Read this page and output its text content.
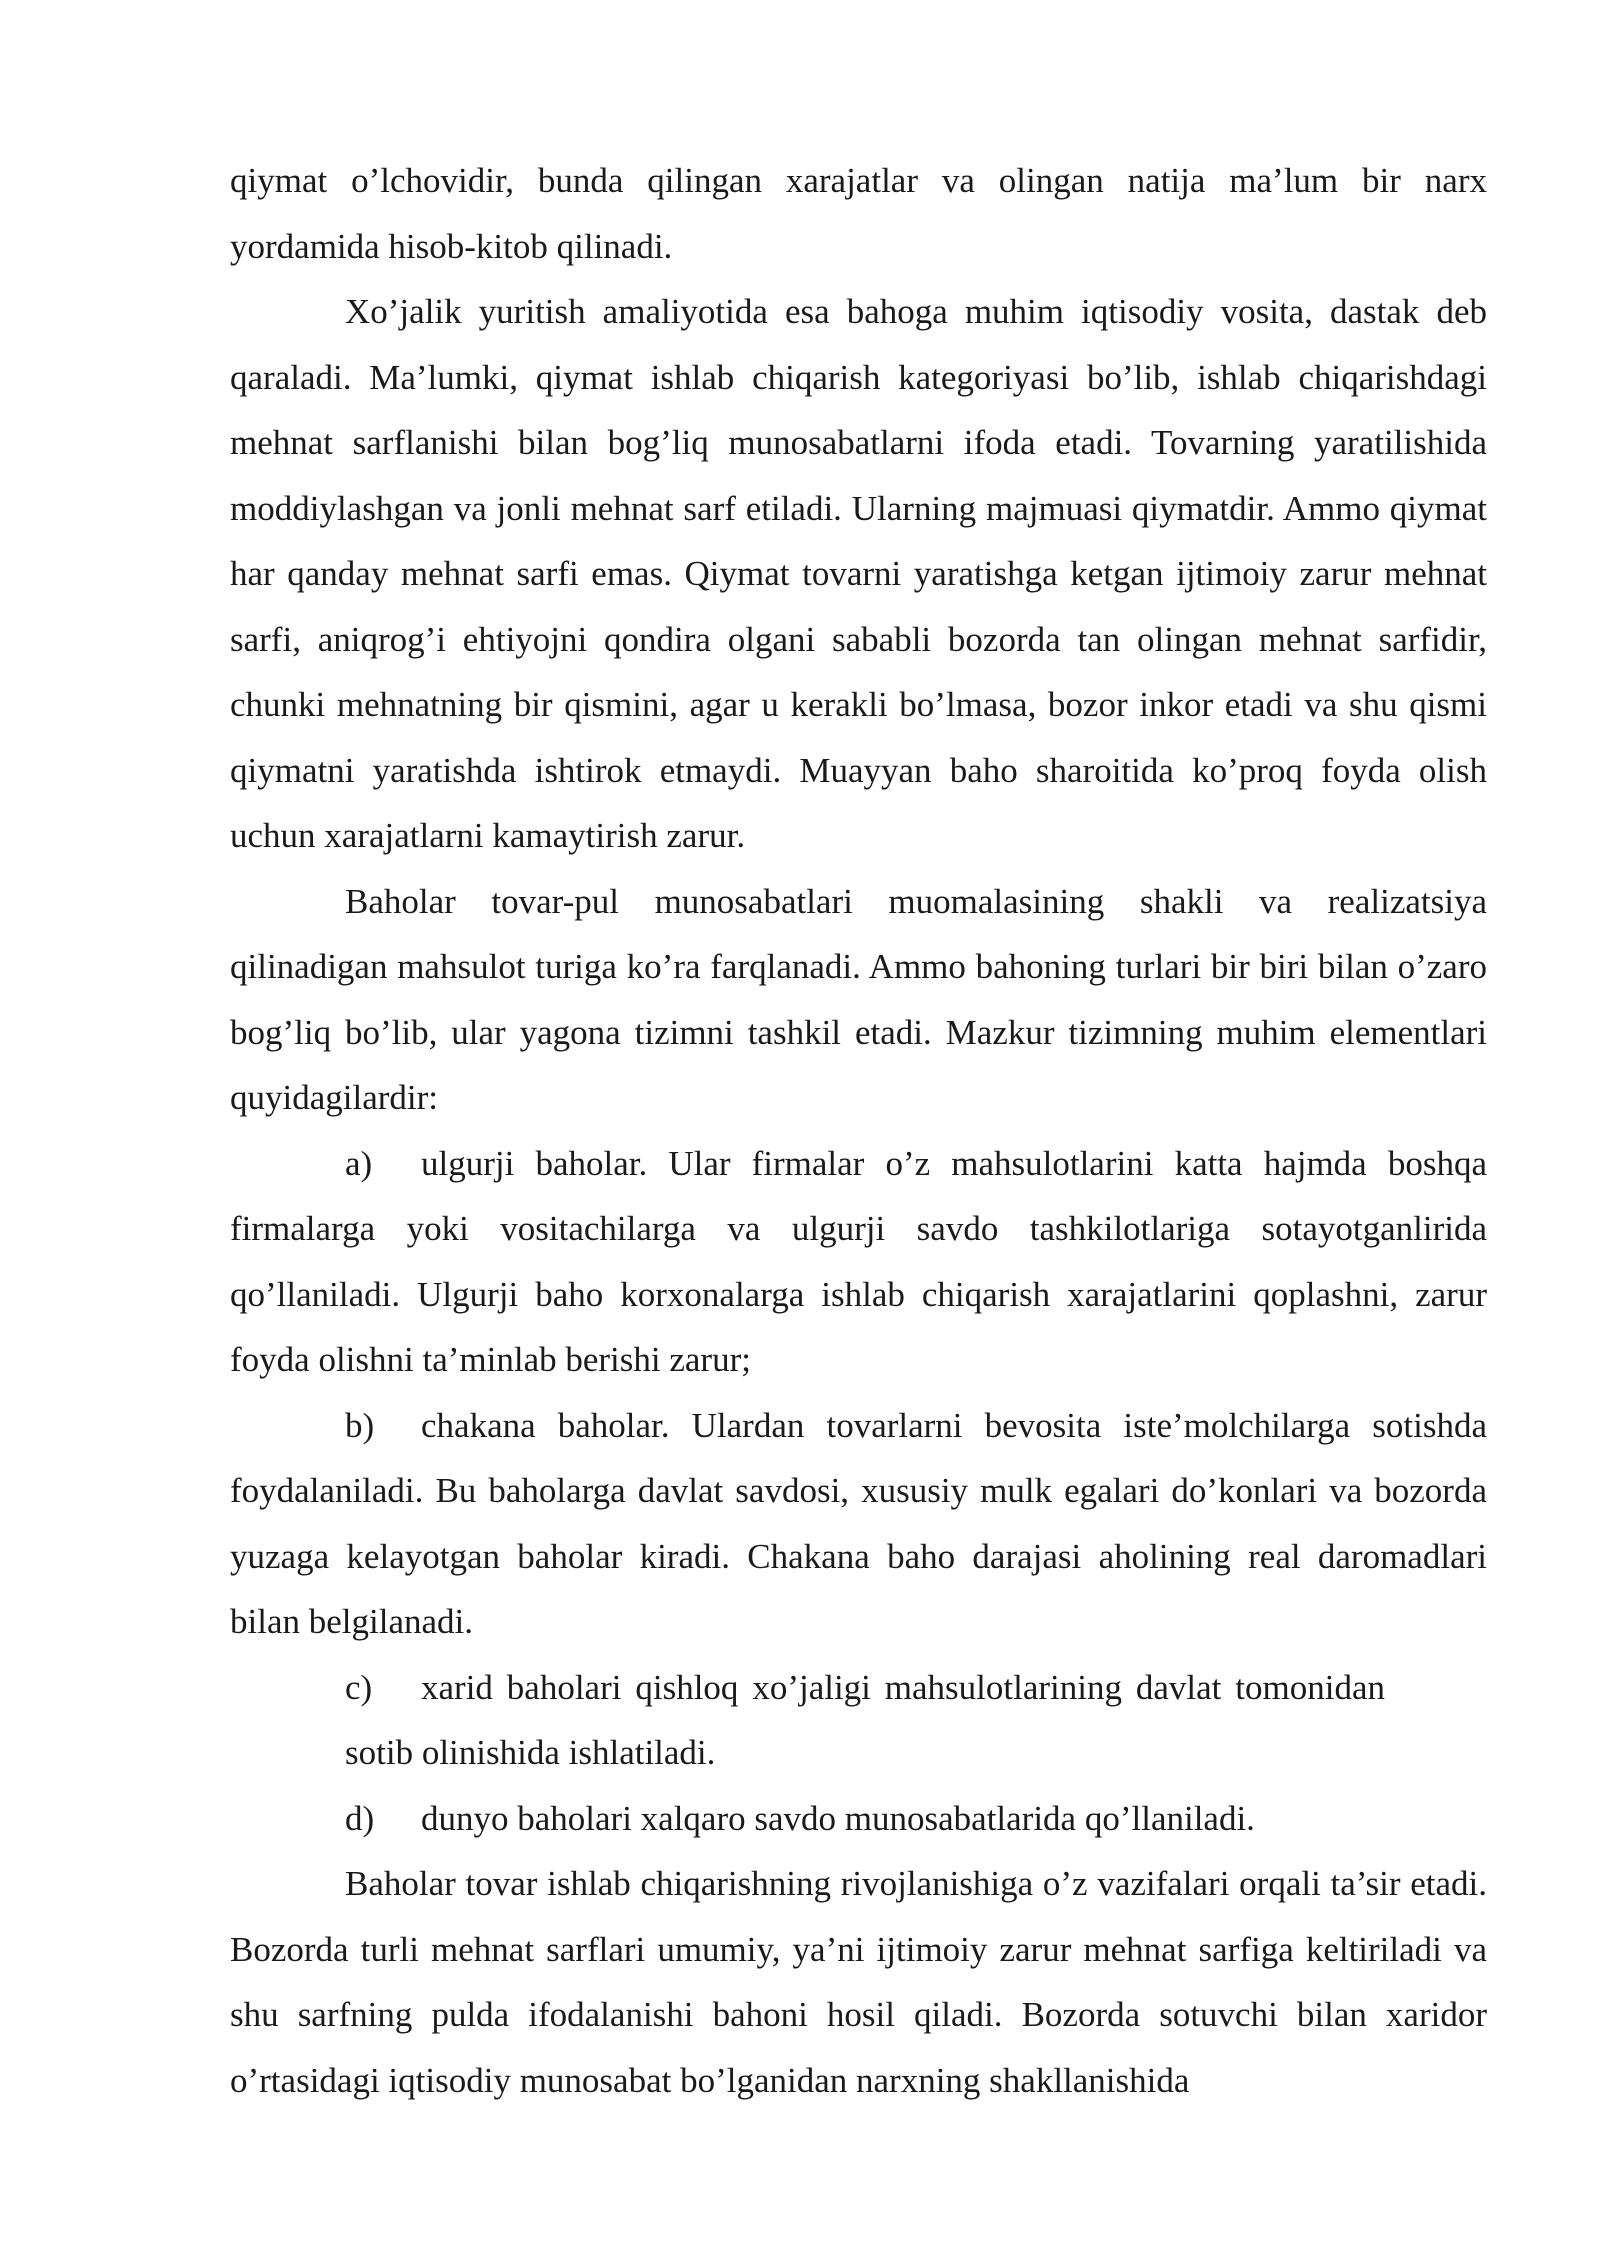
qiymat o’lchovidir, bunda qilingan xarajatlar va olingan natija ma’lum bir narx yordamida hisob-kitob qilinadi.

Xo’jalik yuritish amaliyotida esa bahoga muhim iqtisodiy vosita, dastak deb qaraladi. Ma’lumki, qiymat ishlab chiqarish kategoriyasi bo’lib, ishlab chiqarishdagi mehnat sarflanishi bilan bog’liq munosabatlarni ifoda etadi. Tovarning yaratilishida moddiylashgan va jonli mehnat sarf etiladi. Ularning majmuasi qiymatdir. Ammo qiymat har qanday mehnat sarfi emas. Qiymat tovarni yaratishga ketgan ijtimoiy zarur mehnat sarfi, aniqrog’i ehtiyojni qondira olgani sababli bozorda tan olingan mehnat sarfidir, chunki mehnatning bir qismini, agar u kerakli bo’lmasa, bozor inkor etadi va shu qismi qiymatni yaratishda ishtirok etmaydi. Muayyan baho sharoitida ko’proq foyda olish uchun xarajatlarni kamaytirish zarur.

Baholar tovar-pul munosabatlari muomalasining shakli va realizatsiya qilinadigan mahsulot turiga ko’ra farqlanadi. Ammo bahoning turlari bir biri bilan o’zaro bog’liq bo’lib, ular yagona tizimni tashkil etadi. Mazkur tizimning muhim elementlari quyidagilardir:

a) ulgurji baholar. Ular firmalar o’z mahsulotlarini katta hajmda boshqa firmalarga yoki vositachilarga va ulgurji savdo tashkilotlariga sotayotganlirida qo’llaniladi. Ulgurji baho korxonalarga ishlab chiqarish xarajatlarini qoplashni, zarur foyda olishni ta’minlab berishi zarur;

b) chakana baholar. Ulardan tovarlarni bevosita iste’molchilarga sotishda foydalaniladi. Bu baholarga davlat savdosi, xususiy mulk egalari do’konlari va bozorda yuzaga kelayotgan baholar kiradi. Chakana baho darajasi aholining real daromadlari bilan belgilanadi.

c) xarid baholari qishloq xo’jaligi mahsulotlarining davlat tomonidan sotib olinishida ishlatiladi.

d) dunyo baholari xalqaro savdo munosabatlarida qo’llaniladi.

Baholar tovar ishlab chiqarishning rivojlanishiga o’z vazifalari orqali ta’sir etadi. Bozorda turli mehnat sarflari umumiy, ya’ni ijtimoiy zarur mehnat sarfiga keltiriladi va shu sarfning pulda ifodalanishi bahoni hosil qiladi. Bozorda sotuvchi bilan xaridor o’rtasidagi iqtisodiy munosabat bo’lganidan narxning shakllanishida
